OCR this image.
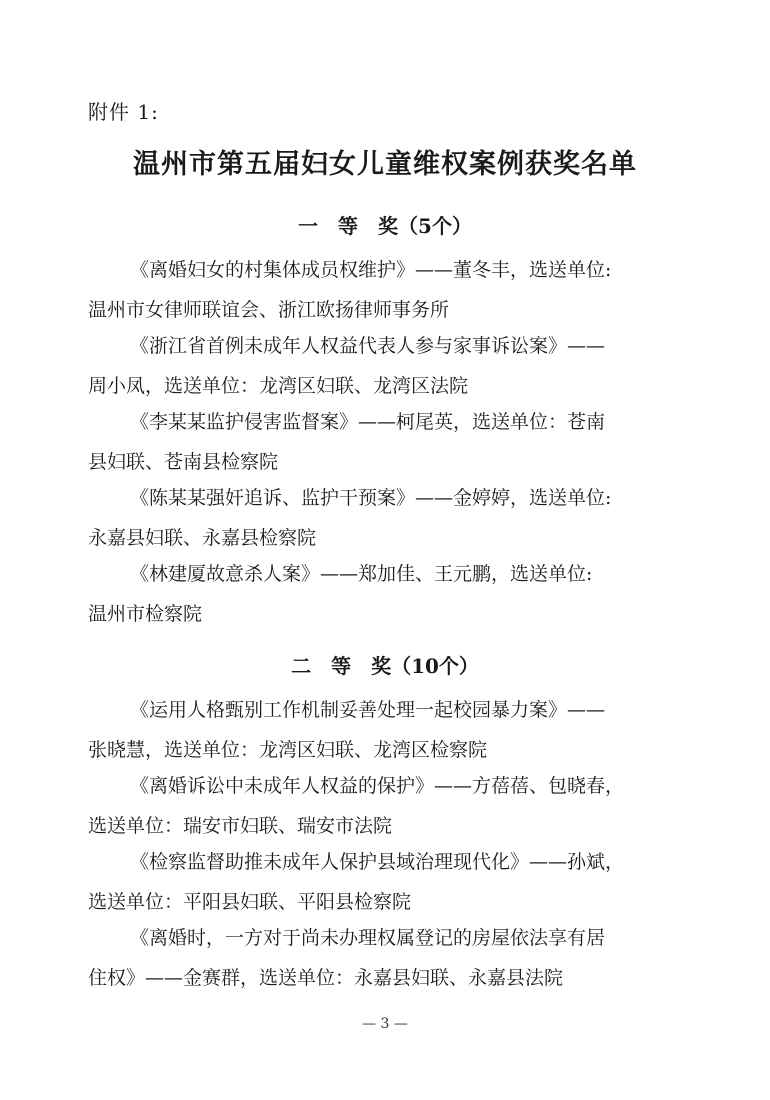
附件 1:
温州市第五届妇女儿童维权案例获奖名单
一　等　奖（5个）
《离婚妇女的村集体成员权维护》——董冬丰，选送单位:
温州市女律师联谊会、浙江欧扬律师事务所
《浙江省首例未成年人权益代表人参与家事诉讼案》——
周小凤，选送单位：龙湾区妇联、龙湾区法院
《李某某监护侵害监督案》——柯尾英，选送单位：苍南
县妇联、苍南县检察院
《陈某某强奸追诉、监护干预案》——金婷婷，选送单位:
永嘉县妇联、永嘉县检察院
《林建厦故意杀人案》——郑加佳、王元鹏，选送单位:
温州市检察院
二　等　奖（10个）
《运用人格甄别工作机制妥善处理一起校园暴力案》——
张晓慧，选送单位：龙湾区妇联、龙湾区检察院
《离婚诉讼中未成年人权益的保护》——方蓓蓓、包晓春，
选送单位：瑞安市妇联、瑞安市法院
《检察监督助推未成年人保护县域治理现代化》——孙斌，
选送单位：平阳县妇联、平阳县检察院
《离婚时，一方对于尚未办理权属登记的房屋依法享有居
住权》——金赛群，选送单位：永嘉县妇联、永嘉县法院
— 3 —
